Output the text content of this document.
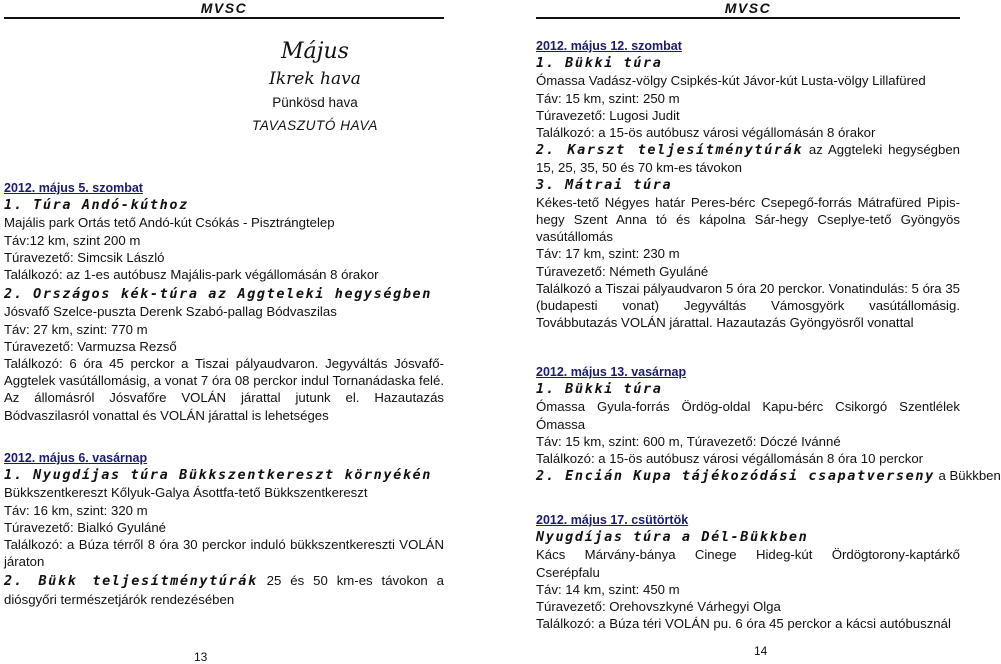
MVSC
Május
Ikrek hava
Pünkösd hava
TAVASZUTÓ HAVA
2012. május 5. szombat
1. Túra Andó-kúthoz
Majális park Ortás tető Andó-kút Csókás - Pisztrángtelep
Táv:12 km, szint 200 m
Túravezető: Simcsik László
Találkozó: az 1-es autóbusz Majális-park végállomásán 8 órakor
2. Országos kék-túra az Aggteleki hegységben
Jósvafő Szelce-puszta Derenk Szabó-pallag Bódvaszilas
Táv: 27 km, szint: 770 m
Túravezető: Varmuzsa Rezső
Találkozó: 6 óra 45 perckor a Tiszai pályaudvaron. Jegyváltás Jósvafő-Aggtelek vasútállomásig, a vonat 7 óra 08 perckor indul Tornanádaska felé. Az állomásról Jósvafőre VOLÁN járattal jutunk el. Hazautazás Bódvaszilasról vonattal és VOLÁN járattal is lehetséges
2012. május 6. vasárnap
1. Nyugdíjas túra Bükkszentkereszt környékén
Bükkszentkereszt Kőlyuk-Galya Ásottfa-tető Bükkszentkereszt
Táv: 16 km, szint: 320 m
Túravezető: Bialkó Gyuláné
Találkozó: a Búza térről 8 óra 30 perckor induló bükkszentkereszti VOLÁN járaton
2. Bükk teljesítménytúrák 25 és 50 km-es távokon a diósgyőri természetjárók rendezésében
13
MVSC
2012. május 12. szombat
1. Bükki túra
Ómassa Vadász-völgy Csipkés-kút Jávor-kút Lusta-völgy Lillafüred
Táv: 15 km, szint: 250 m
Túravezető: Lugosi Judit
Találkozó: a 15-ös autóbusz városi végállomásán 8 órakor
2. Karszt teljesítménytúrák az Aggteleki hegységben 15, 25, 35, 50 és 70 km-es távokon
3. Mátrai túra
Kékes-tető Négyes határ Peres-bérc Csepegő-forrás Mátrafüred Pipis-hegy Szent Anna tó és kápolna Sár-hegy Cseplye-tető Gyöngyös vasútállomás
Táv: 17 km, szint: 230 m
Túravezető: Németh Gyuláné
Találkozó a Tiszai pályaudvaron 5 óra 20 perckor. Vonatindulás: 5 óra 35 (budapesti vonat) Jegyváltás Vámosgyörk vasútállomásig. Továbbutazás VOLÁN járattal. Hazautazás Gyöngyösről vonattal
2012. május 13. vasárnap
1. Bükki túra
Ómassa Gyula-forrás Ördög-oldal Kapu-bérc Csikorgó Szentlélek Ómassa
Táv: 15 km, szint: 600 m, Túravezető: Dóczé Ivánné
Találkozó: a 15-ös autóbusz városi végállomásán 8 óra 10 perckor
2. Encián Kupa tájékozódási csapatverseny a Bükkben
2012. május 17. csütörtök
Nyugdíjas túra a Dél-Bükkben
Kács Márvány-bánya Cinege Hideg-kút Ördögtorony-kaptárkő Cserépfalu
Táv: 14 km, szint: 450 m
Túravezető: Orehovszkyné Várhegyi Olga
Találkozó: a Búza téri VOLÁN pu. 6 óra 45 perckor a kácsi autóbusznál
14
